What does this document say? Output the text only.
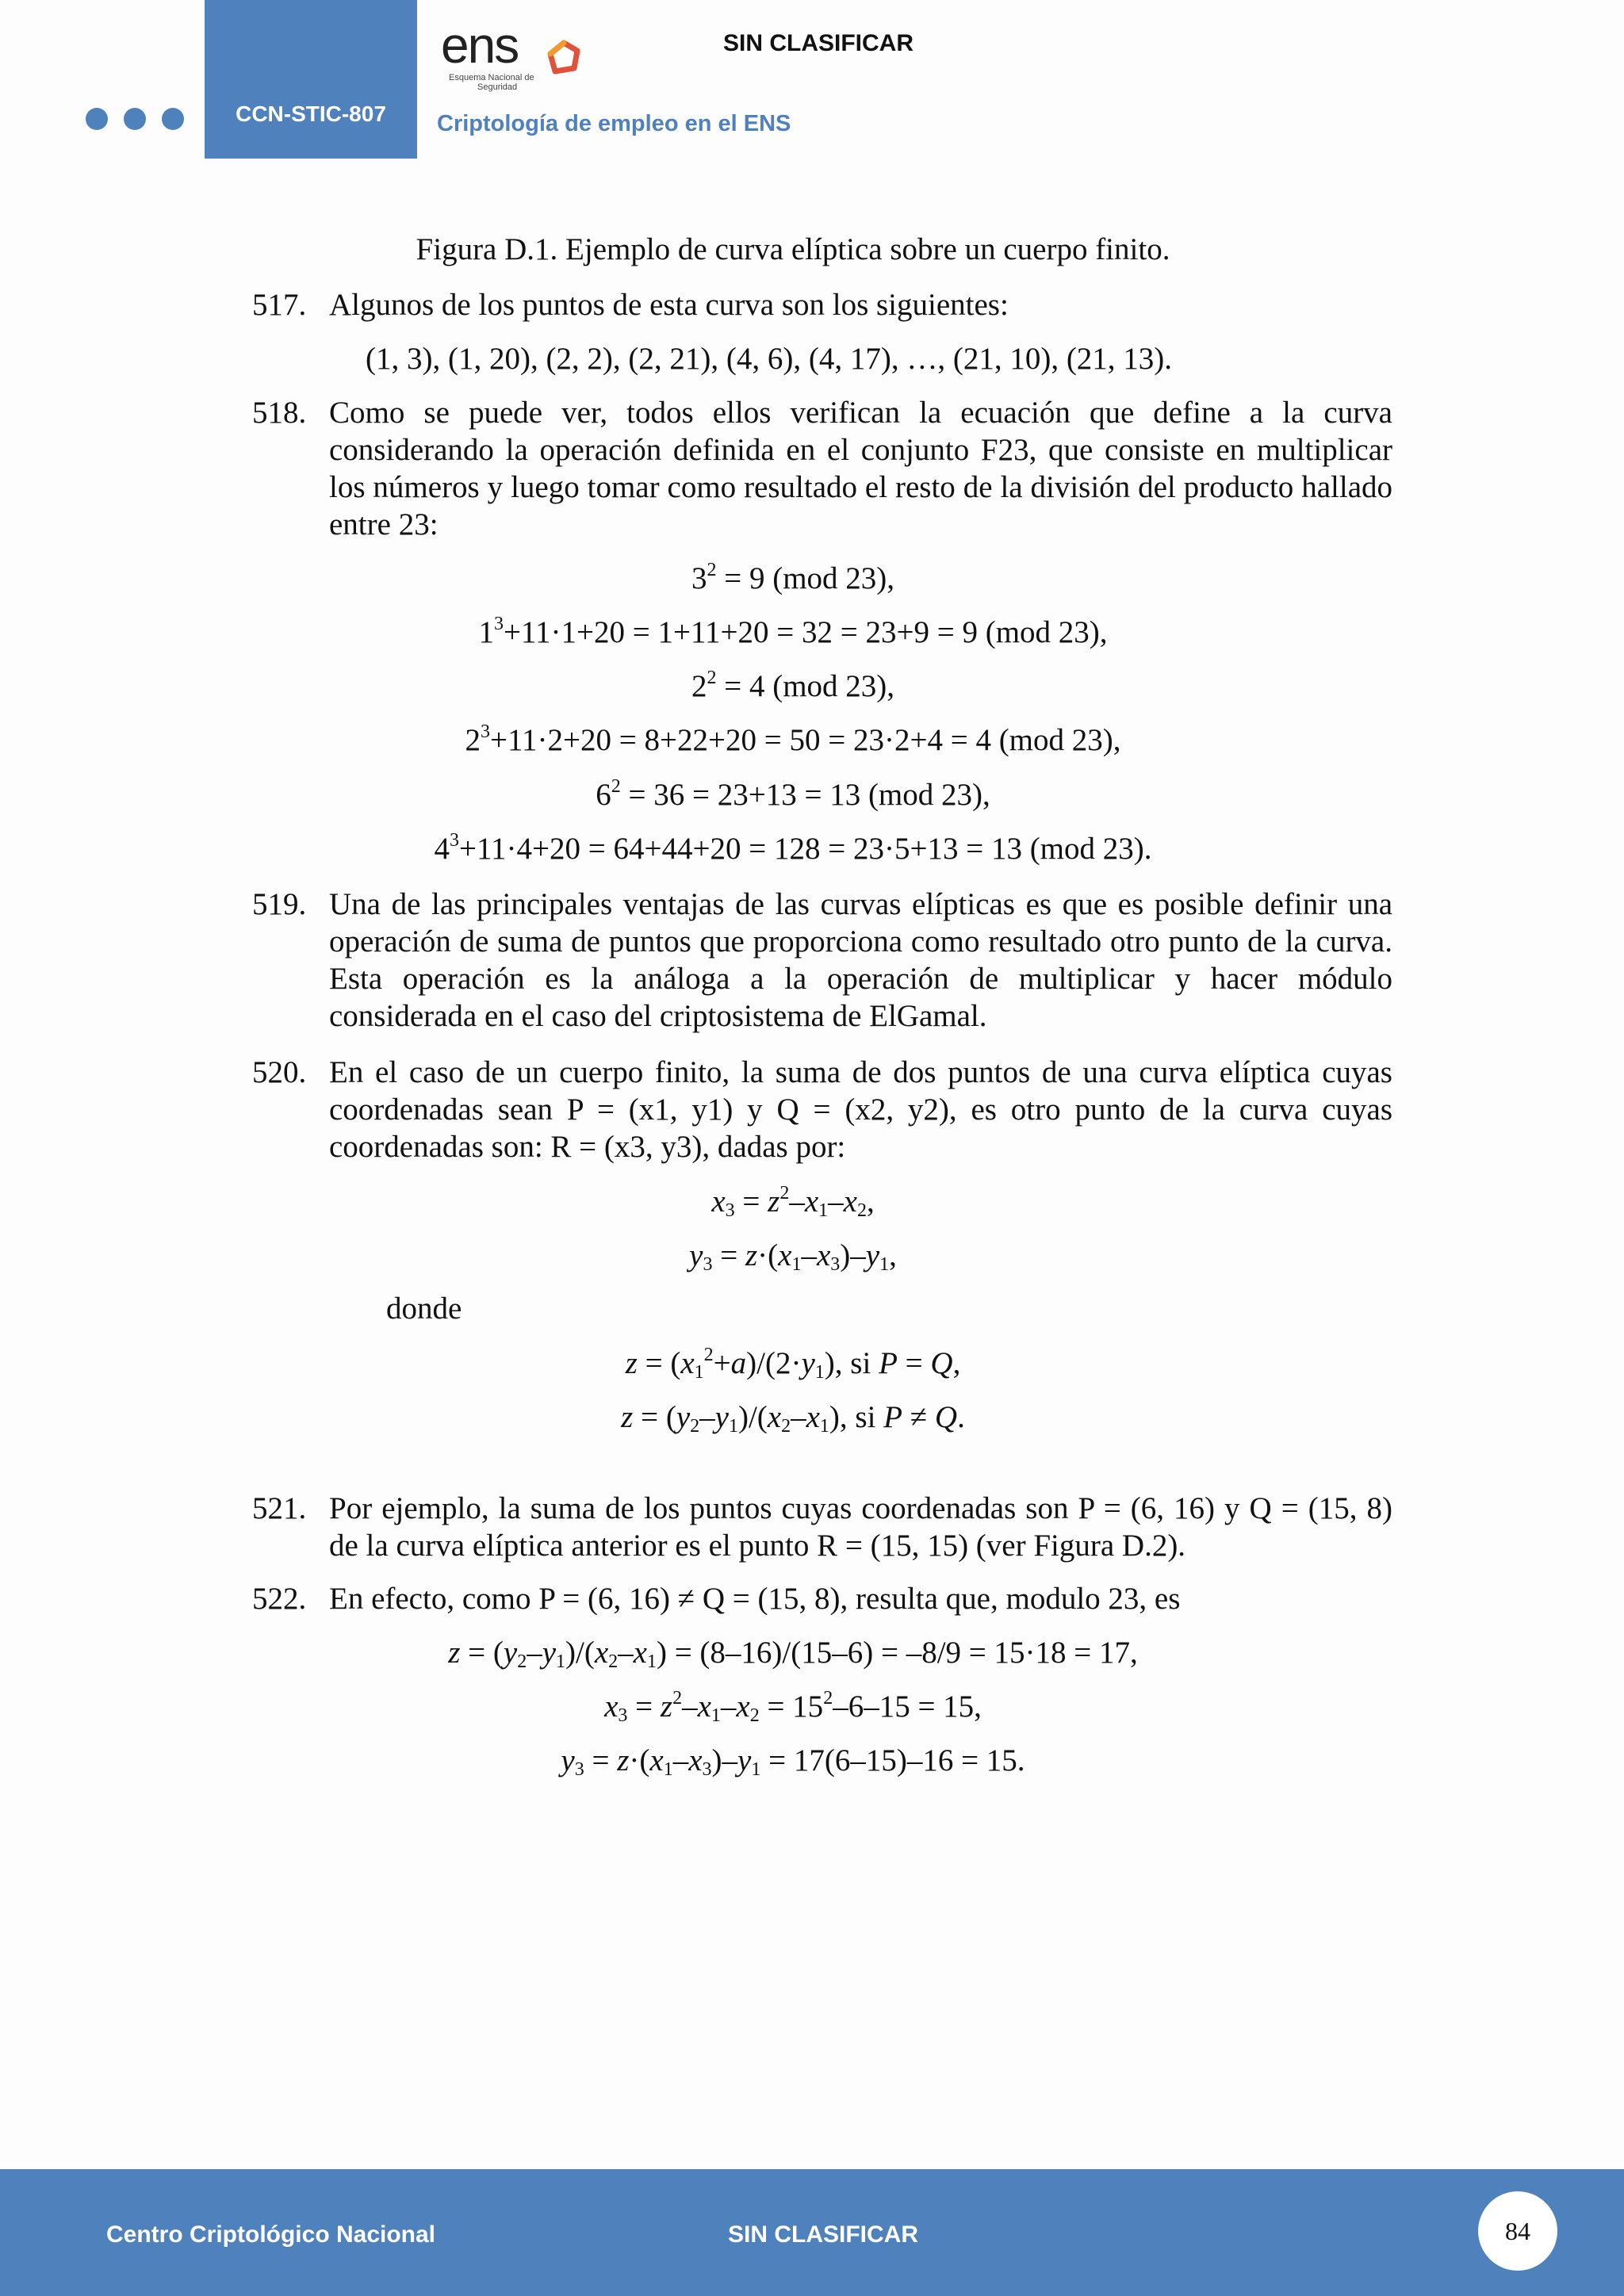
CCN-STIC-807
ens
Esquema Nacional de
Seguridad
SIN CLASIFICAR
Criptología de empleo en el ENS
Figura D.1. Ejemplo de curva elíptica sobre un cuerpo finito.
517. Algunos de los puntos de esta curva son los siguientes:
(1, 3), (1, 20), (2, 2), (2, 21), (4, 6), (4, 17), …, (21, 10), (21, 13).
518. Como se puede ver, todos ellos verifican la ecuación que define a la curva considerando la operación definida en el conjunto F23, que consiste en multiplicar los números y luego tomar como resultado el resto de la división del producto hallado entre 23:
$3^2 = 9$ (mod 23),
$1^3+11\cdot 1+20 = 1+11+20 = 32 = 23+9 = 9$ (mod 23),
$2^2 = 4$ (mod 23),
$2^3+11\cdot 2+20 = 8+22+20 = 50 = 23\cdot 2+4 = 4$ (mod 23),
$6^2 = 36 = 23+13 = 13$ (mod 23),
$4^3+11\cdot 4+20 = 64+44+20 = 128 = 23\cdot 5+13 = 13$ (mod 23).
519. Una de las principales ventajas de las curvas elípticas es que es posible definir una operación de suma de puntos que proporciona como resultado otro punto de la curva. Esta operación es la análoga a la operación de multiplicar y hacer módulo considerada en el caso del criptosistema de ElGamal.
520. En el caso de un cuerpo finito, la suma de dos puntos de una curva elíptica cuyas coordenadas sean P = (x1, y1) y Q = (x2, y2), es otro punto de la curva cuyas coordenadas son: R = (x3, y3), dadas por:
$x_3 = z^2-x_1-x_2$,
$y_3 = z\cdot(x_1-x_3)-y_1$,
donde
$z = (x_1^2+a)/(2\cdot y_1)$, si P = Q,
$z = (y_2-y_1)/(x_2-x_1)$, si P ≠ Q.
521. Por ejemplo, la suma de los puntos cuyas coordenadas son P = (6, 16) y Q = (15, 8) de la curva elíptica anterior es el punto R = (15, 15) (ver Figura D.2).
522. En efecto, como P = (6, 16) ≠ Q = (15, 8), resulta que, modulo 23, es
$z = (y_2-y_1)/(x_2-x_1) = (8-16)/(15-6) = -8/9 = 15\cdot 18 = 17$,
$x_3 = z^2-x_1-x_2 = 15^2-6-15 = 15$,
$y_3 = z\cdot(x_1-x_3)-y_1 = 17(6-15)-16 = 15$.
Centro Criptológico Nacional	SIN CLASIFICAR	84
